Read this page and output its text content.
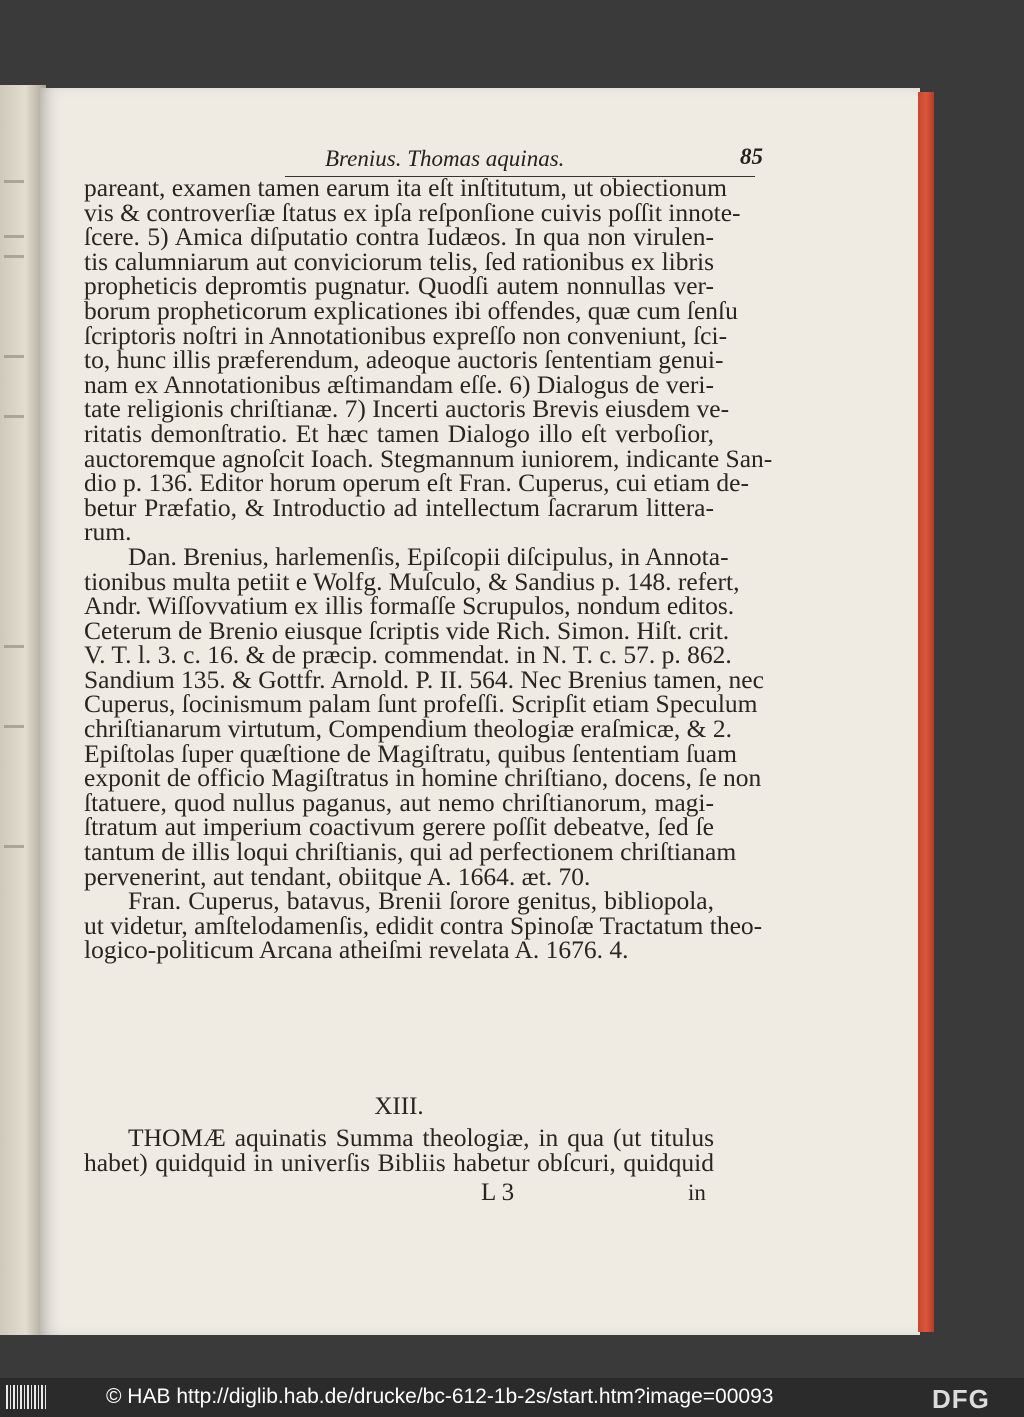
Brenius. Thomas aquinas.	85
pareant, examen tamen earum ita eſt inſtitutum, ut obiectionum
vis & controverſiæ ſtatus ex ipſa reſponſione cuivis poſſit innote-
ſcere. 5) Amica diſputatio contra Iudæos. In qua non virulen-
tis calumniarum aut conviciorum telis, ſed rationibus ex libris
propheticis depromtis pugnatur. Quodſi autem nonnullas ver-
borum propheticorum explicationes ibi offendes, quæ cum ſenſu
ſcriptoris noſtri in Annotationibus expreſſo non conveniunt, ſci-
to, hunc illis præferendum, adeoque auctoris ſententiam genui-
nam ex Annotationibus æſtimandam eſſe. 6) Dialogus de veri-
tate religionis chriſtianæ. 7) Incerti auctoris Brevis eiusdem ve-
ritatis demonſtratio. Et hæc tamen Dialogo illo eſt verboſior,
auctoremque agnoſcit Ioach. Stegmannum iuniorem, indicante San-
dio p. 136. Editor horum operum eſt Fran. Cuperus, cui etiam de-
betur Præfatio, & Introductio ad intellectum ſacrarum littera-
rum.
Dan. Brenius, harlemenſis, Epiſcopii diſcipulus, in Annota-
tionibus multa petiit e Wolfg. Muſculo, & Sandius p. 148. refert,
Andr. Wiſſovvatium ex illis formaſſe Scrupulos, nondum editos.
Ceterum de Brenio eiusque ſcriptis vide Rich. Simon. Hiſt. crit.
V. T. l. 3. c. 16. & de præcip. commendat. in N. T. c. 57. p. 862.
Sandium 135. & Gottfr. Arnold. P. II. 564. Nec Brenius tamen, nec
Cuperus, ſocinismum palam ſunt profeſſi. Scripſit etiam Speculum
chriſtianarum virtutum, Compendium theologiæ eraſmicæ, & 2.
Epiſtolas ſuper quæſtione de Magiſtratu, quibus ſententiam ſuam
exponit de officio Magiſtratus in homine chriſtiano, docens, ſe non
ſtatuere, quod nullus paganus, aut nemo chriſtianorum, magi-
ſtratum aut imperium coactivum gerere poſſit debeatve, ſed ſe
tantum de illis loqui chriſtianis, qui ad perfectionem chriſtianam
pervenerint, aut tendant, obiitque A. 1664. æt. 70.
Fran. Cuperus, batavus, Brenii ſorore genitus, bibliopola,
ut videtur, amſtelodamenſis, edidit contra Spinoſæ Tractatum theo-
logico-politicum Arcana atheiſmi revelata A. 1676. 4.
XIII.
THOMÆ aquinatis Summa theologiæ, in qua (ut titulus
habet) quidquid in univerſis Bibliis habetur obſcuri, quidquid
L 3	in
© HAB http://diglib.hab.de/drucke/bc-612-1b-2s/start.htm?image=00093	DFG
